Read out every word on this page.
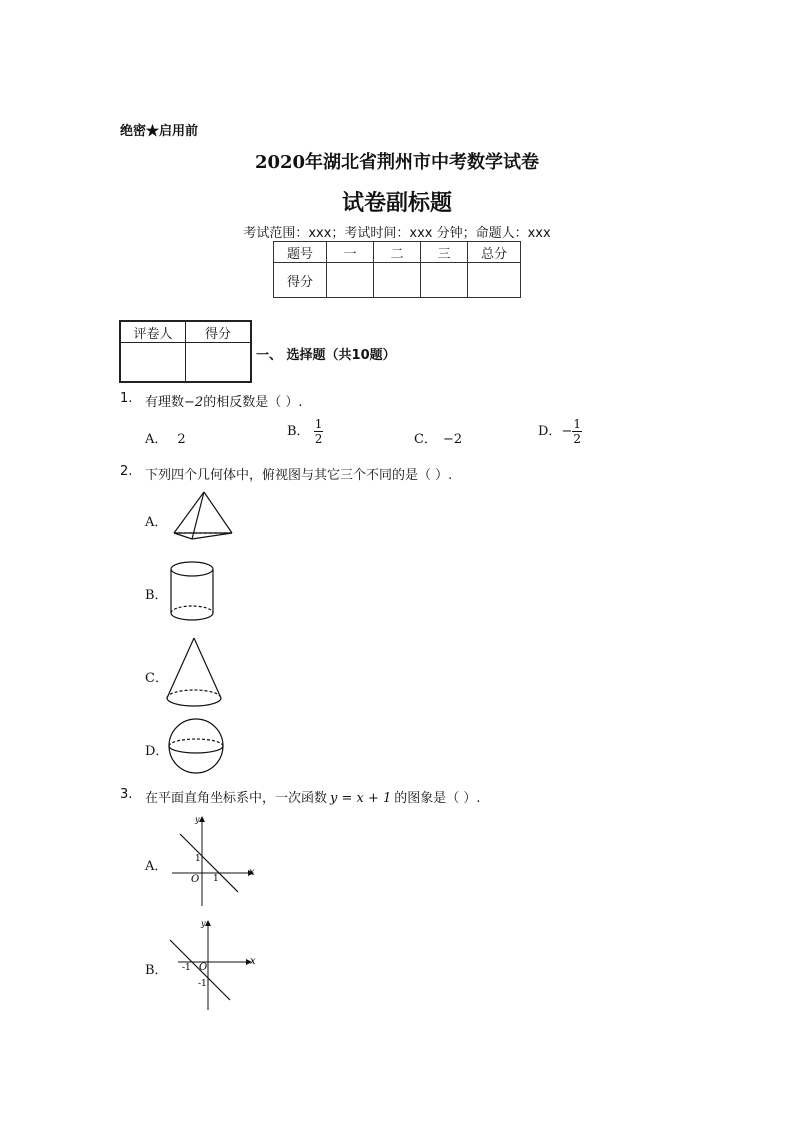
绝密★启用前
2020年湖北省荆州市中考数学试卷
试卷副标题
考试范围：xxx；考试时间：xxx 分钟；命题人：xxx
题号	一	二	三	总分
得分				
评卷人	得分

一、 选择题（共10题）
1. 有理数−2的相反数是（ ）.
A． 2
B． $\frac{1}{2}$	C． −2
D．− $\frac{1}{2}$
2. 下列四个几何体中，俯视图与其它三个不同的是（ ）.
A．
B．
C．
D．
3. 在平面直角坐标系中，一次函数 y = x + 1 的图象是（ ）.
A．	x
y
O
1
1
B．
x
y
O
-1
-1
